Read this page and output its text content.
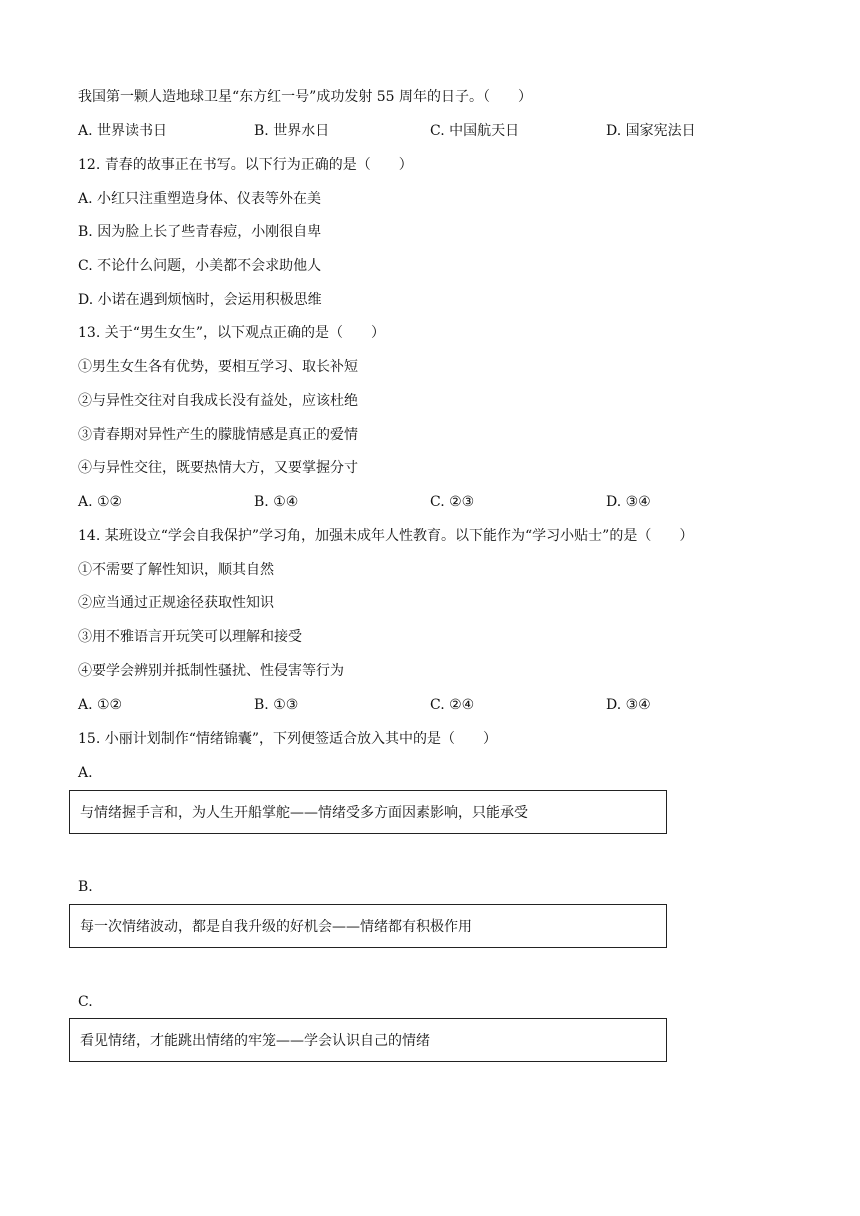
我国第一颗人造地球卫星“东方红一号”成功发射 55 周年的日子。（　　）
A. 世界读书日	B. 世界水日	C. 中国航天日	D. 国家宪法日
12. 青春的故事正在书写。以下行为正确的是（　　）
A. 小红只注重塑造身体、仪表等外在美
B. 因为脸上长了些青春痘，小刚很自卑
C. 不论什么问题，小美都不会求助他人
D. 小诺在遇到烦恼时，会运用积极思维
13. 关于“男生女生”，以下观点正确的是（　　）
①男生女生各有优势，要相互学习、取长补短
②与异性交往对自我成长没有益处，应该杜绝
③青春期对异性产生的朦胧情感是真正的爱情
④与异性交往，既要热情大方，又要掌握分寸
A. ①②	B. ①④	C. ②③	D. ③④
14. 某班设立“学会自我保护”学习角，加强未成年人性教育。以下能作为“学习小贴士”的是（　　）
①不需要了解性知识，顺其自然
②应当通过正规途径获取性知识
③用不雅语言开玩笑可以理解和接受
④要学会辨别并抵制性骚扰、性侵害等行为
A. ①②	B. ①③	C. ②④	D. ③④
15. 小丽计划制作“情绪锦囊”，下列便签适合放入其中的是（　　）
A.
与情绪握手言和，为人生开船掌舵——情绪受多方面因素影响，只能承受
B.
每一次情绪波动，都是自我升级的好机会——情绪都有积极作用
C.
看见情绪，才能跳出情绪的牢笼——学会认识自己的情绪
